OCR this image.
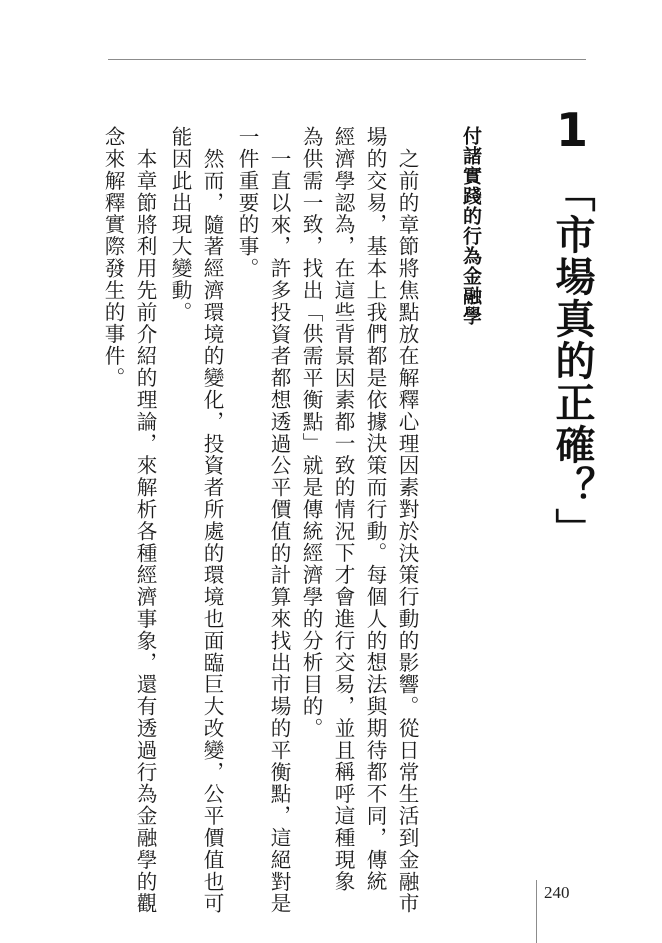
1
「市場真的正確？」
付諸實踐的行為金融學
之前的章節將焦點放在解釋心理因素對於決策行動的影響。從日常生活到金融市
場的交易，基本上我們都是依據決策而行動。每個人的想法與期待都不同，傳統
經濟學認為，在這些背景因素都一致的情況下才會進行交易，並且稱呼這種現象
為供需一致，找出「供需平衡點」就是傳統經濟學的分析目的。
一直以來，許多投資者都想透過公平價值的計算來找出市場的平衡點，這絕對是
一件重要的事。
然而，隨著經濟環境的變化，投資者所處的環境也面臨巨大改變，公平價值也可
能因此出現大變動。
本章節將利用先前介紹的理論，來解析各種經濟事象，還有透過行為金融學的觀
念來解釋實際發生的事件。
240
